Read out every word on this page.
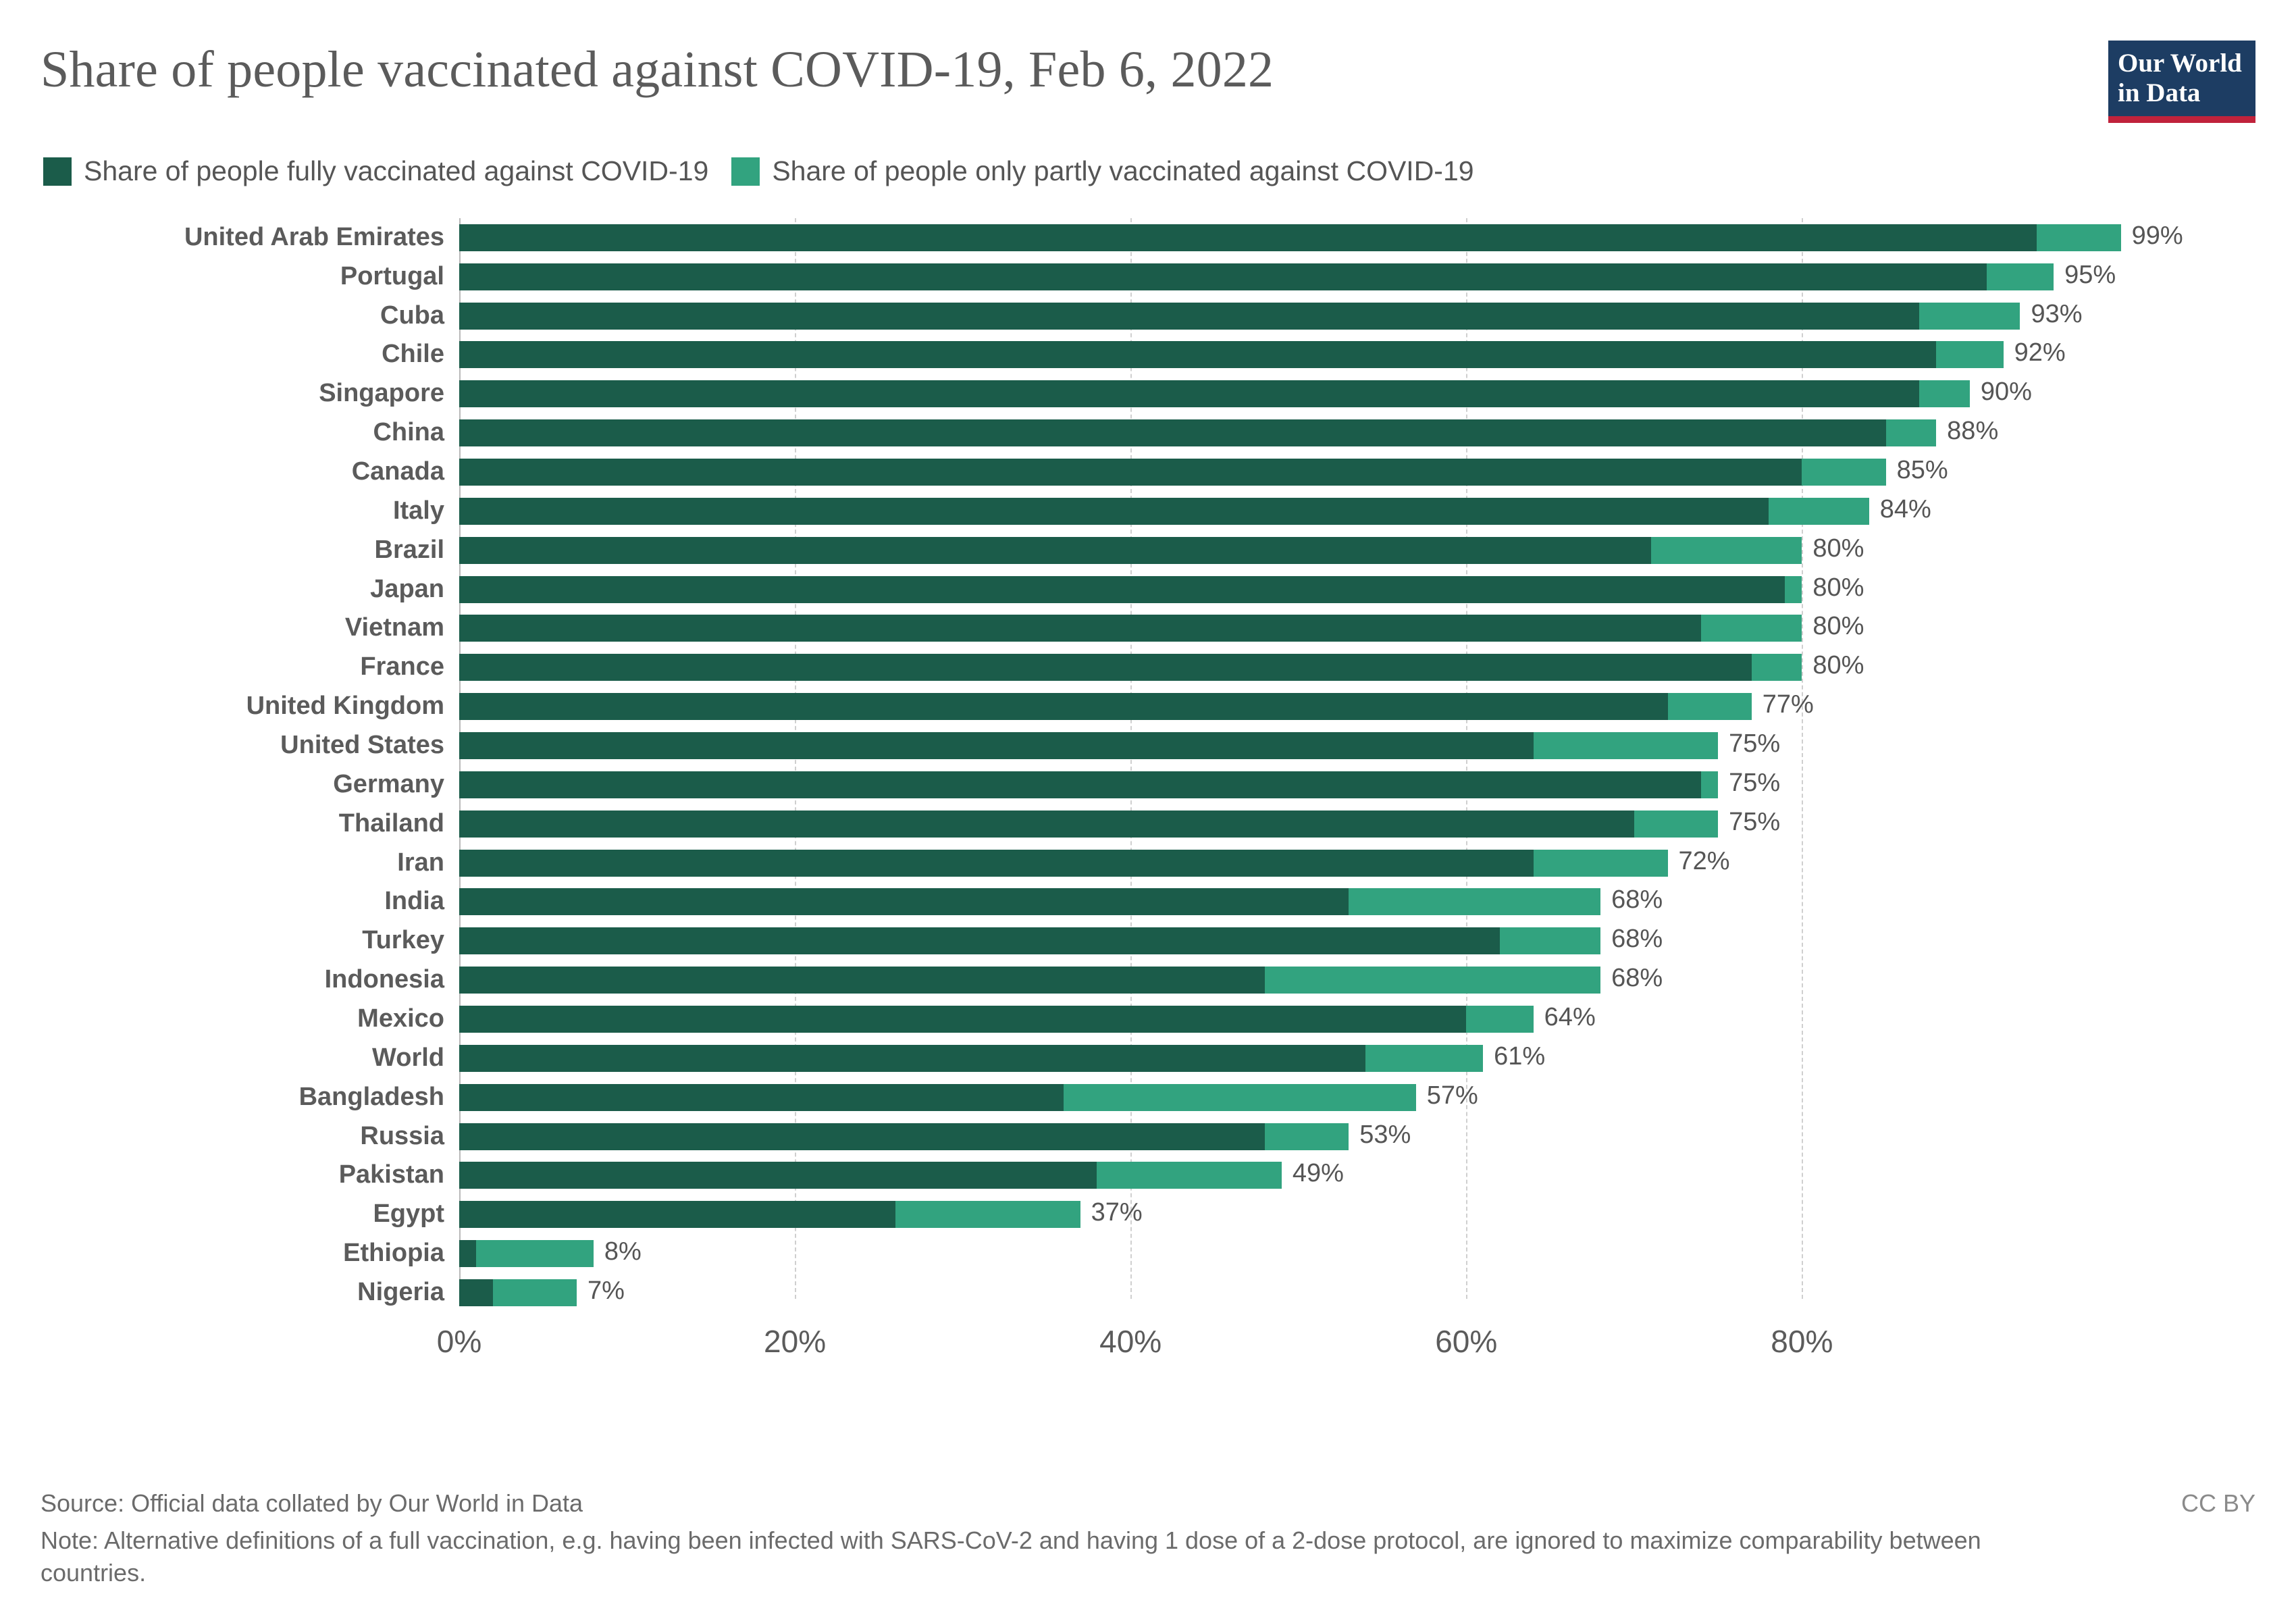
Share of people vaccinated against COVID-19, Feb 6, 2022	Our World
in Data
Share of people fully vaccinated against COVID-19 Share of people only partly vaccinated against COVID-19
United Arab Emirates	99%
Portugal	95%
Cuba	93%
Chile	92%
Singapore	90%
China	88%
Canada	85%
Italy	84%
Brazil	80%
Japan	80%
Vietnam	80%
France	80%
United Kingdom	77%
United States	75%
Germany	75%
Thailand	75%
Iran	72%
India	68%
Turkey	68%
Indonesia	68%
Mexico	64%
World	61%
Bangladesh	57%
Russia	53%
Pakistan	49%
Egypt	37%
Ethiopia	8%
Nigeria	7%
0%	20%	40%	60%	80%

Source: Official data collated by Our World in Data

Note: Alternative definitions of a full vaccination, e.g. having been infected with SARS-CoV-2 and having 1 dose of a 2-dose protocol, are ignored to maximize comparability between countries.

CC BY
